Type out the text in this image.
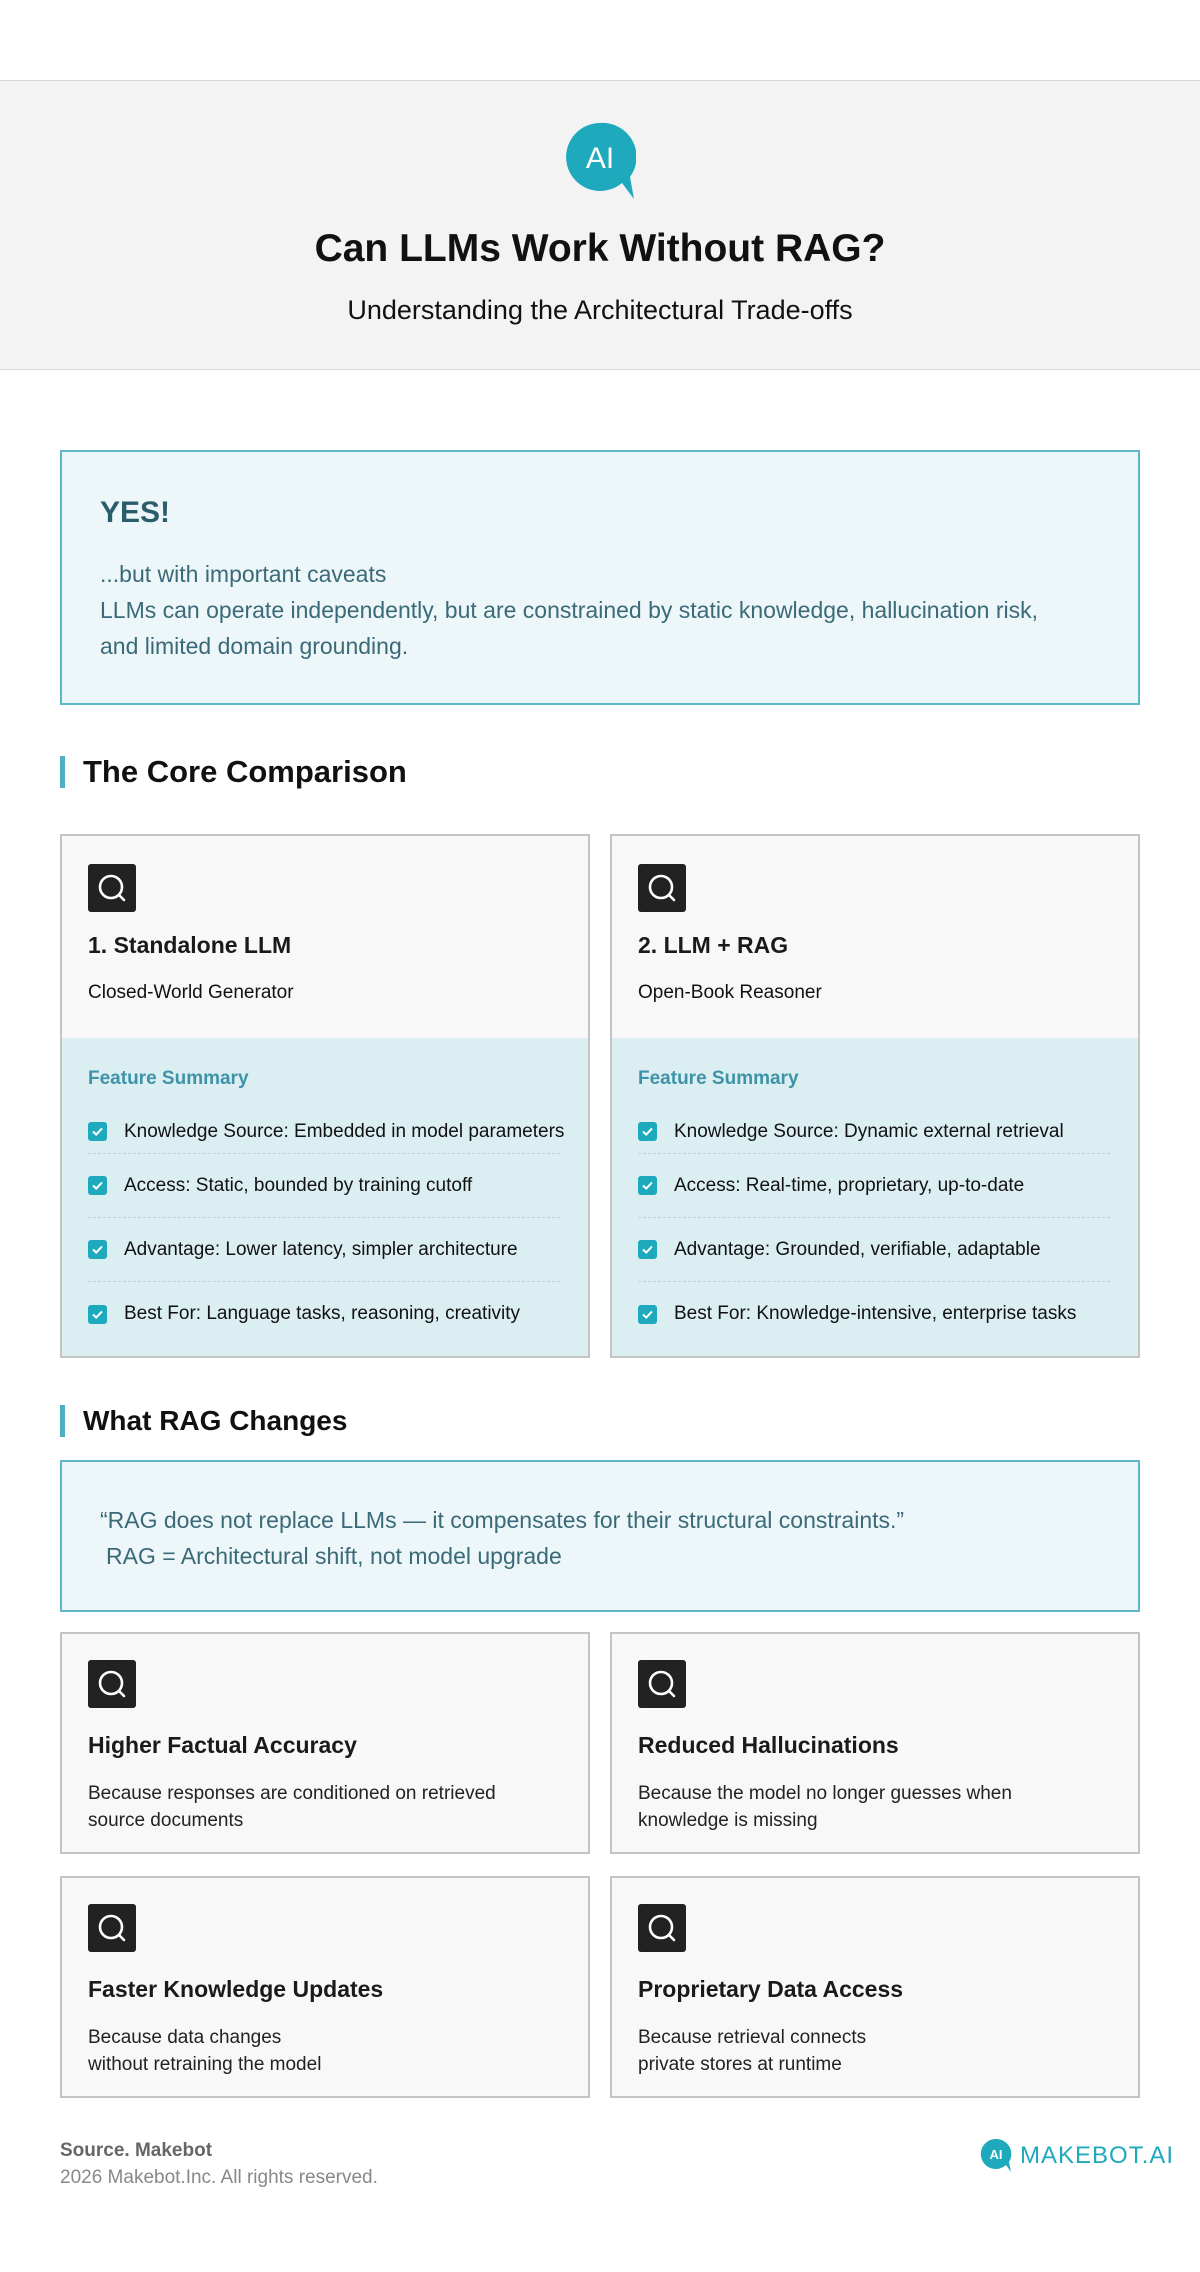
AI
Can LLMs Work Without RAG?
Understanding the Architectural Trade-offs
YES!
...but with important caveats
LLMs can operate independently, but are constrained by static knowledge, hallucination risk,
and limited domain grounding.
The Core Comparison
1. Standalone LLM
Closed-World Generator
Feature Summary
Knowledge Source: Embedded in model parameters
Access: Static, bounded by training cutoff
Advantage: Lower latency, simpler architecture
Best For: Language tasks, reasoning, creativity
2. LLM + RAG
Open-Book Reasoner
Feature Summary
Knowledge Source: Dynamic external retrieval
Access: Real-time, proprietary, up-to-date
Advantage: Grounded, verifiable, adaptable
Best For: Knowledge-intensive, enterprise tasks
What RAG Changes
“RAG does not replace LLMs — it compensates for their structural constraints.”
RAG = Architectural shift, not model upgrade
Higher Factual Accuracy
Because responses are conditioned on retrieved
source documents
Reduced Hallucinations
Because the model no longer guesses when
knowledge is missing
Faster Knowledge Updates
Because data changes
without retraining the model
Proprietary Data Access
Because retrieval connects
private stores at runtime
Source. Makebot
2026 Makebot.Inc. All rights reserved.
AI MAKEBOT.AI
